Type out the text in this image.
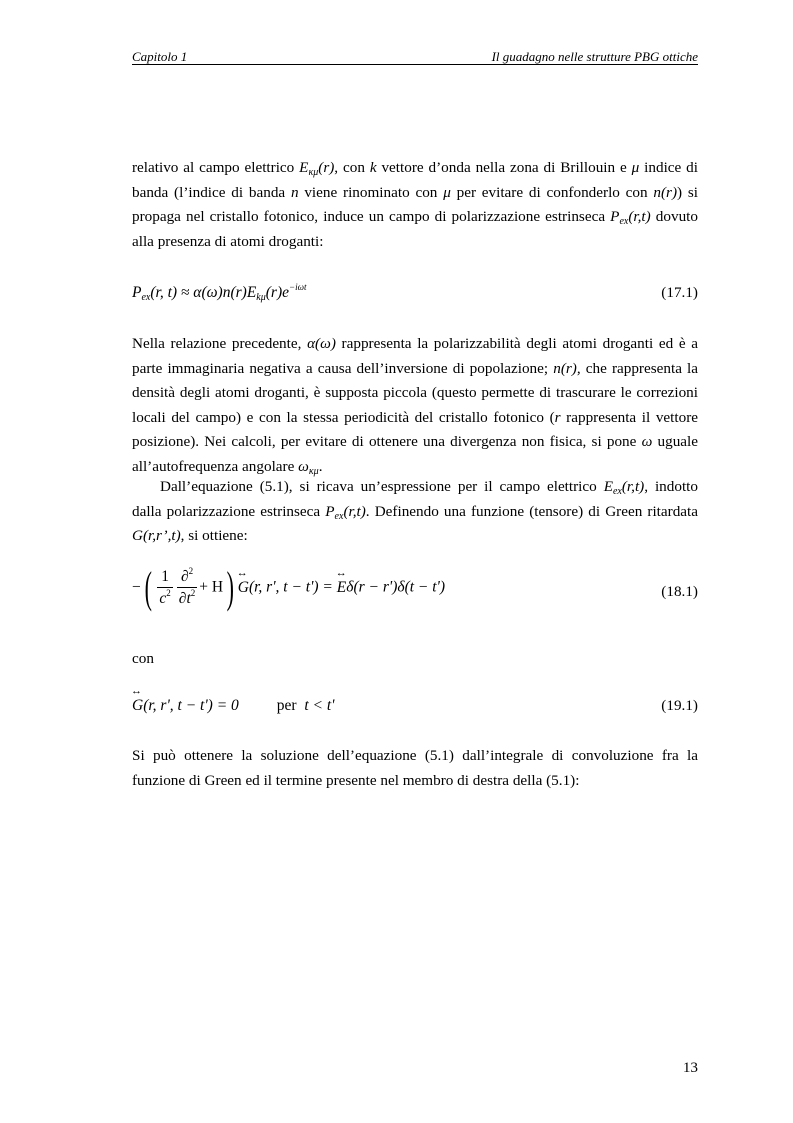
Capitolo 1	Il guadagno nelle strutture PBG ottiche

relativo al campo elettrico $E_{\kappa\mu}(r)$, con k vettore d’onda nella zona di Brillouin e μ indice di banda (l’indice di banda n viene rinominato con μ per evitare di confonderlo con n(r)) si propaga nel cristallo fotonico, induce un campo di polarizzazione estrinseca $P_{ex}(r,t)$ dovuto alla presenza di atomi droganti:

$P_{ex}(r$, $t) \approx \alpha(\omega)n(r)E_{k\mu}(r)e^{-i\omega t}$	(17.1)

Nella relazione precedente, α(ω) rappresenta la polarizzabilità degli atomi droganti ed è a parte immaginaria negativa a causa dell’inversione di popolazione; n(r), che rappresenta la densità degli atomi droganti, è supposta piccola (questo permette di trascurare le correzioni locali del campo) e con la stessa periodicità del cristallo fotonico (r rappresenta il vettore posizione). Nei calcoli, per evitare di ottenere una divergenza non fisica, si pone ω uguale all’autofrequenza angolare $\omega_{\kappa\mu}$.

Dall’equazione (5.1), si ricava un’espressione per il campo elettrico $E_{ex}(r,t)$, indotto dalla polarizzazione estrinseca $P_{ex}(r,t)$. Definendo una funzione (tensore) di Green ritardata G(r,r’,t), si ottiene:

−( $\frac{1}{c^2} \frac{\partial^2}{\partial t^2}$ + H)↔ G(r, r', t − t') = ↔ Eδ(r − r')δ(t − t')	(18.1)

con

↔ G(r, r', t − t') = 0 per t < t'	(19.1)

Si può ottenere la soluzione dell’equazione (5.1) dall’integrale di convoluzione fra la funzione di Green ed il termine presente nel membro di destra della (5.1):

13
